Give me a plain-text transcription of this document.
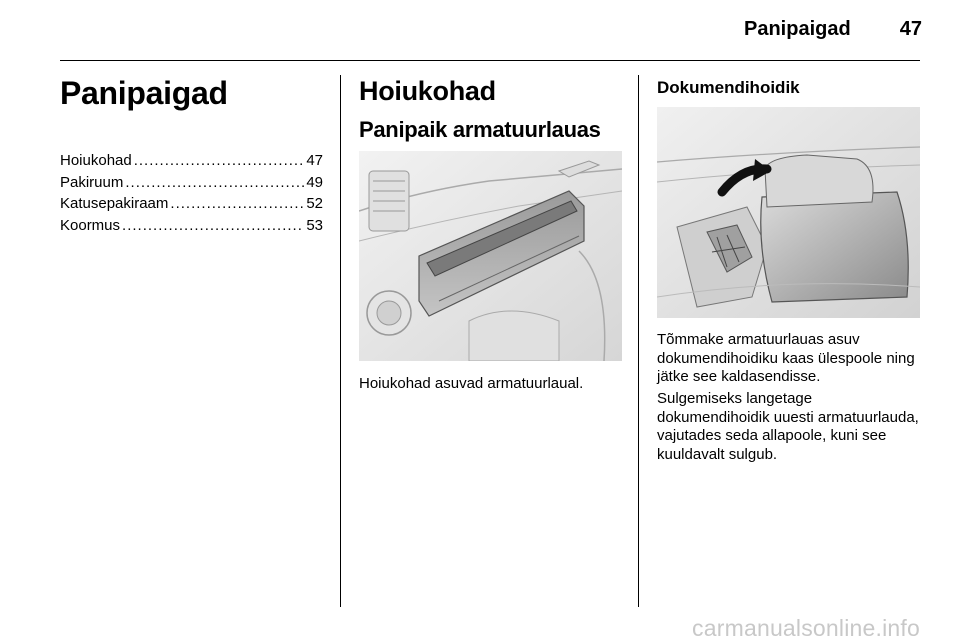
Panipaigad	47
Panipaigad
Hoiukohad .....	47
Pakiruum .....	49
Katusepakiraam .....	52
Koormus .....	53
Hoiukohad
Panipaik armatuurlauas
Hoiukohad asuvad armatuurlaual.
Dokumendihoidik

Tõmmake armatuurlauas asuv dokumendihoidiku kaas ülespoole ning jätke see kaldasendisse.

Sulgemiseks langetage dokumendihoidik uuesti armatuurlauda, vajutades seda allapoole, kuni see kuuldavalt sulgub.

carmanualsonline.info
